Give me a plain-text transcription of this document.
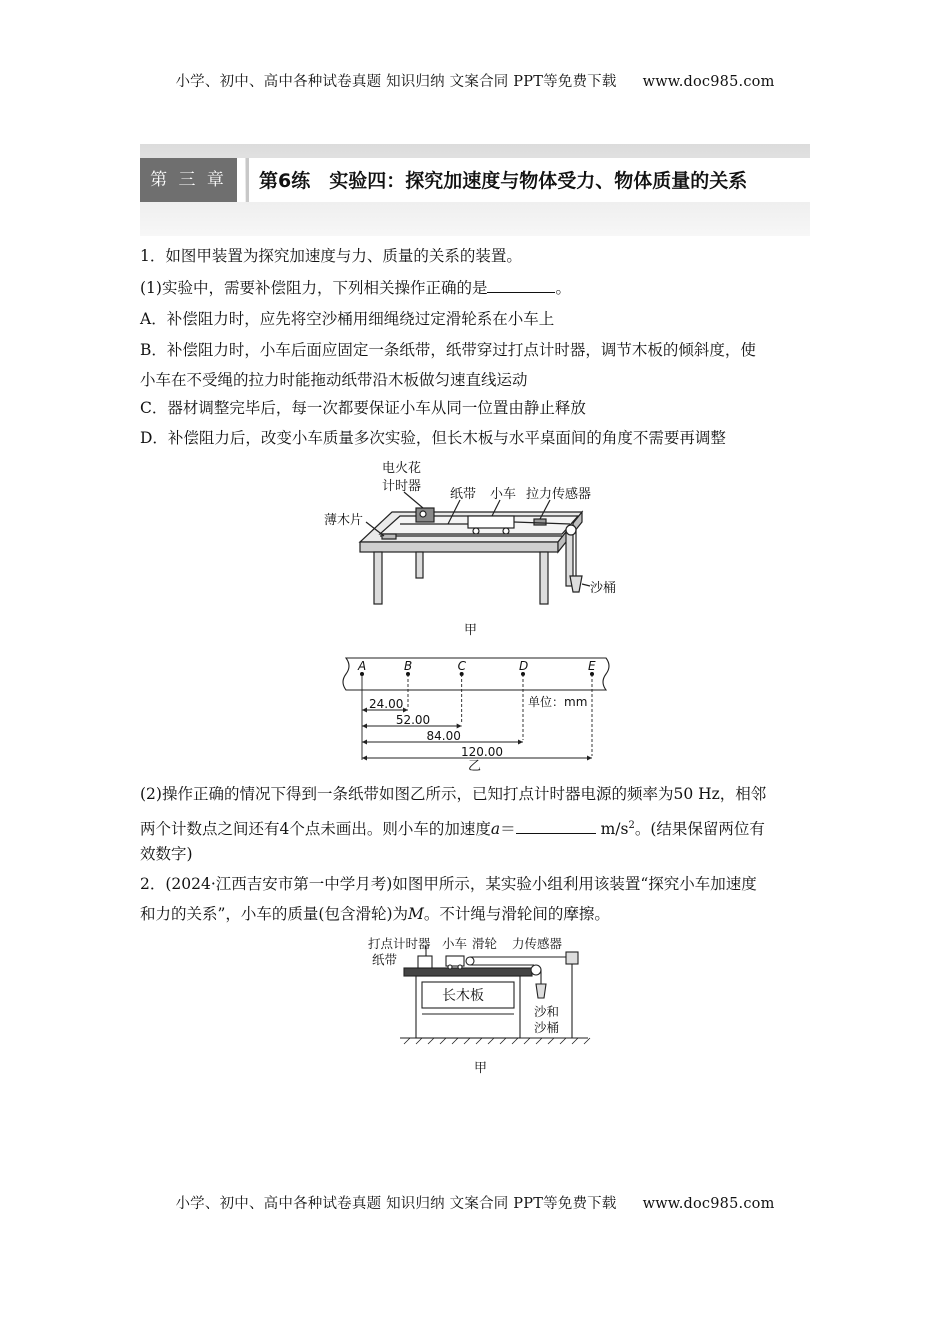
小学、初中、高中各种试卷真题 知识归纳 文案合同 PPT等免费下载 www.doc985.com
第 三 章	第6练　实验四：探究加速度与物体受力、物体质量的关系
1．如图甲装置为探究加速度与力、质量的关系的装置。
(1)实验中，需要补偿阻力，下列相关操作正确的是	。
A．补偿阻力时，应先将空沙桶用细绳绕过定滑轮系在小车上
B．补偿阻力时，小车后面应固定一条纸带，纸带穿过打点计时器，调节木板的倾斜度，使
小车在不受绳的拉力时能拖动纸带沿木板做匀速直线运动
C．器材调整完毕后，每一次都要保证小车从同一位置由静止释放
D．补偿阻力后，改变小车质量多次实验，但长木板与水平桌面间的角度不需要再调整
电火花
计时器
纸带 小车 拉力传感器
薄木片
沙桶
甲
A	B	C	D	E
24.00
52.00
84.00
120.00
单位：mm
乙
(2)操作正确的情况下得到一条纸带如图乙所示，已知打点计时器电源的频率为50 Hz，相邻
两个计数点之间还有4个点未画出。则小车的加速度a＝	$m/s^2$。(结果保留两位有
效数字)
2．(2024·江西吉安市第一中学月考)如图甲所示，某实验小组利用该装置“探究小车加速度
和力的关系”，小车的质量(包含滑轮)为M。不计绳与滑轮间的摩擦。
打点计时器 小车 滑轮 力传感器
纸带
长木板
沙和
沙桶
甲
小学、初中、高中各种试卷真题 知识归纳 文案合同 PPT等免费下载 www.doc985.com
